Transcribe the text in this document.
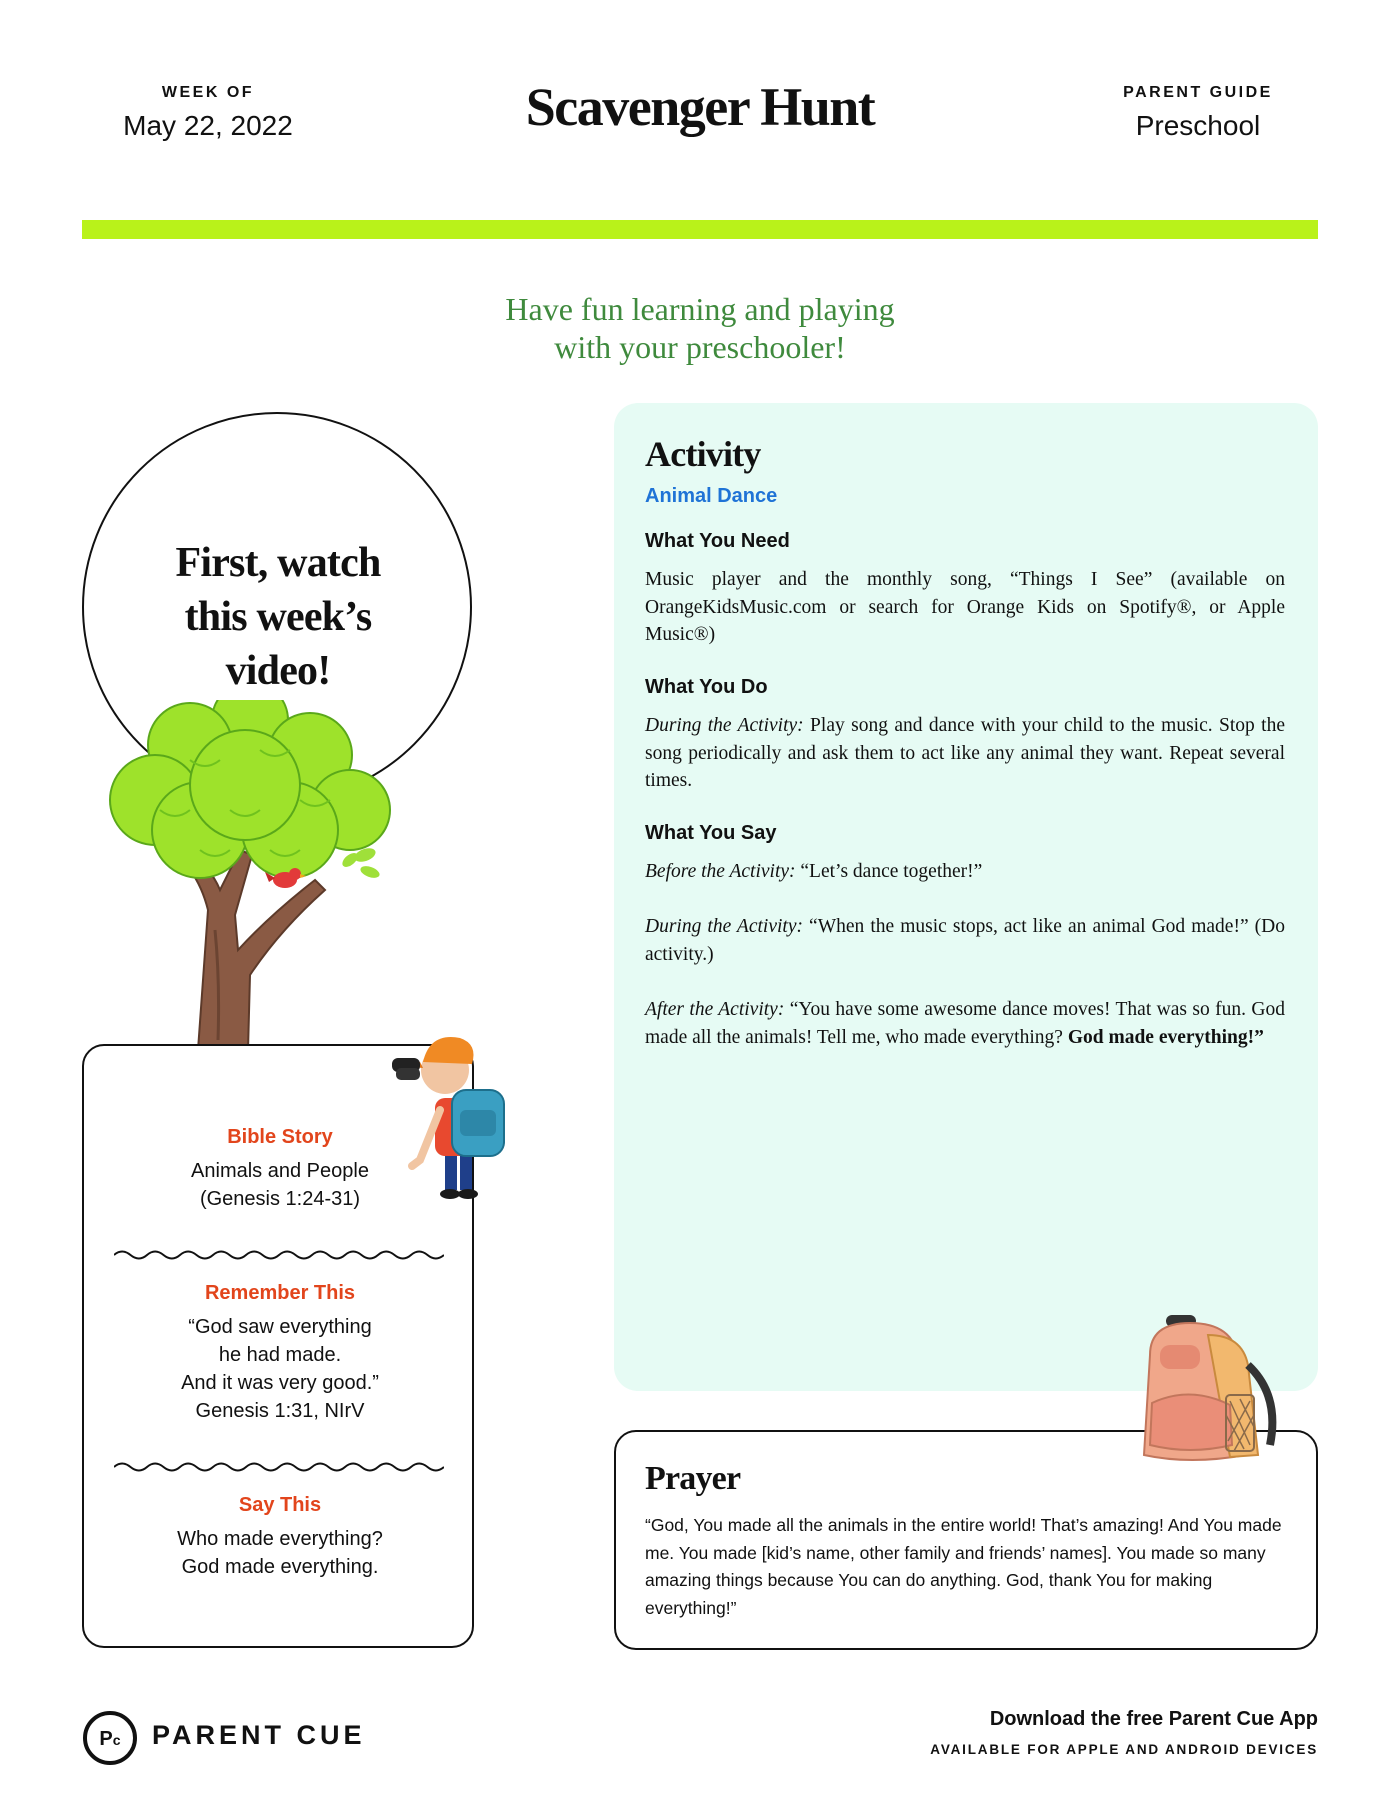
WEEK OF
May 22, 2022	Scavenger Hunt	PARENT GUIDE
Preschool
Have fun learning and playing
with your preschooler!
First, watch
this week’s
video!
Bible Story
Animals and People
(Genesis 1:24-31)
Remember This
“God saw everything
he had made.
And it was very good.”
Genesis 1:31, NIrV
Say This
Who made everything?
God made everything.
Activity
Animal Dance
What You Need
Music player and the monthly song, “Things I See” (available on OrangeKidsMusic.com or search for Orange Kids on Spotify®, or Apple Music®)
What You Do
During the Activity: Play song and dance with your child to the music. Stop the song periodically and ask them to act like any animal they want. Repeat several times.
What You Say
Before the Activity: “Let’s dance together!”
During the Activity: “When the music stops, act like an animal God made!” (Do activity.)
After the Activity: “You have some awesome dance moves! That was so fun. God made all the animals! Tell me, who made everything? God made everything!”
Prayer
“God, You made all the animals in the entire world! That’s amazing! And You made me. You made [kid’s name, other family and friends’ names]. You made so many amazing things because You can do anything. God, thank You for making everything!”
Pc PARENT CUE
Download the free Parent Cue App
AVAILABLE FOR APPLE AND ANDROID DEVICES
